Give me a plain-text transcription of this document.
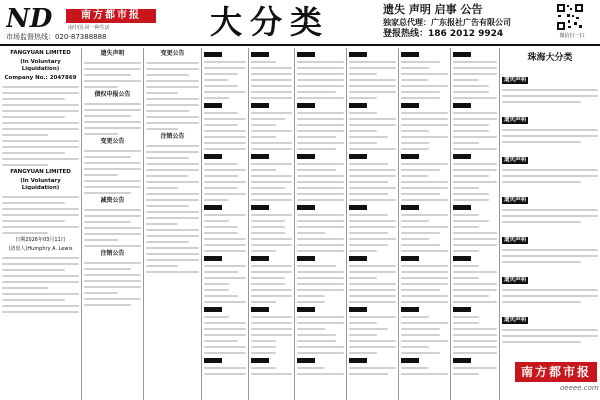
ND	南方都市报
南中国·同一种生活
市场监督热线：020-87388888	大分类	遗失 声明 启事 公告
独家总代理：广东报社广告有限公司
登报热线：186 2012 9924	微信扫一扫
FANGYUAN LIMITED
(In Voluntary Liquidation)
Company No.: 2047869
FANGYUAN LIMITED
(In Voluntary Liquidation)
日期2026年03月11日
(清盘人)Humphry A. Lewis
遗失声明
债权申报公告
变更公告
减资公告
注销公告
变更公告
注销公告
珠海大分类
遗失声明
遗失声明
遗失声明
遗失声明
遗失声明
遗失声明
遗失声明
南方都市报
oeeee.com
